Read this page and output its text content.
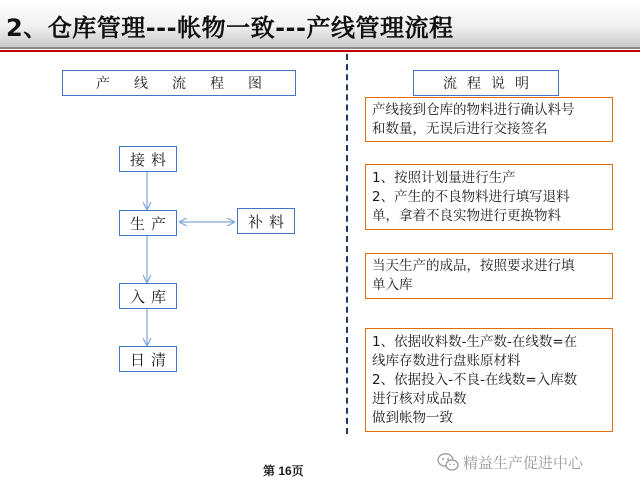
2、仓库管理---帐物一致---产线管理流程
产线流程图
接料
生产	补料
入库
日清
流程说明
产线接到仓库的物料进行确认料号
和数量，无误后进行交接签名
1、按照计划量进行生产
2、产生的不良物料进行填写退料
单，拿着不良实物进行更换物料
当天生产的成品，按照要求进行填
单入库
1、依据收料数-生产数-在线数=在
线库存数进行盘账原材料
2、依据投入-不良-在线数=入库数
进行核对成品数
做到帐物一致
第 16页	精益生产促进中心
